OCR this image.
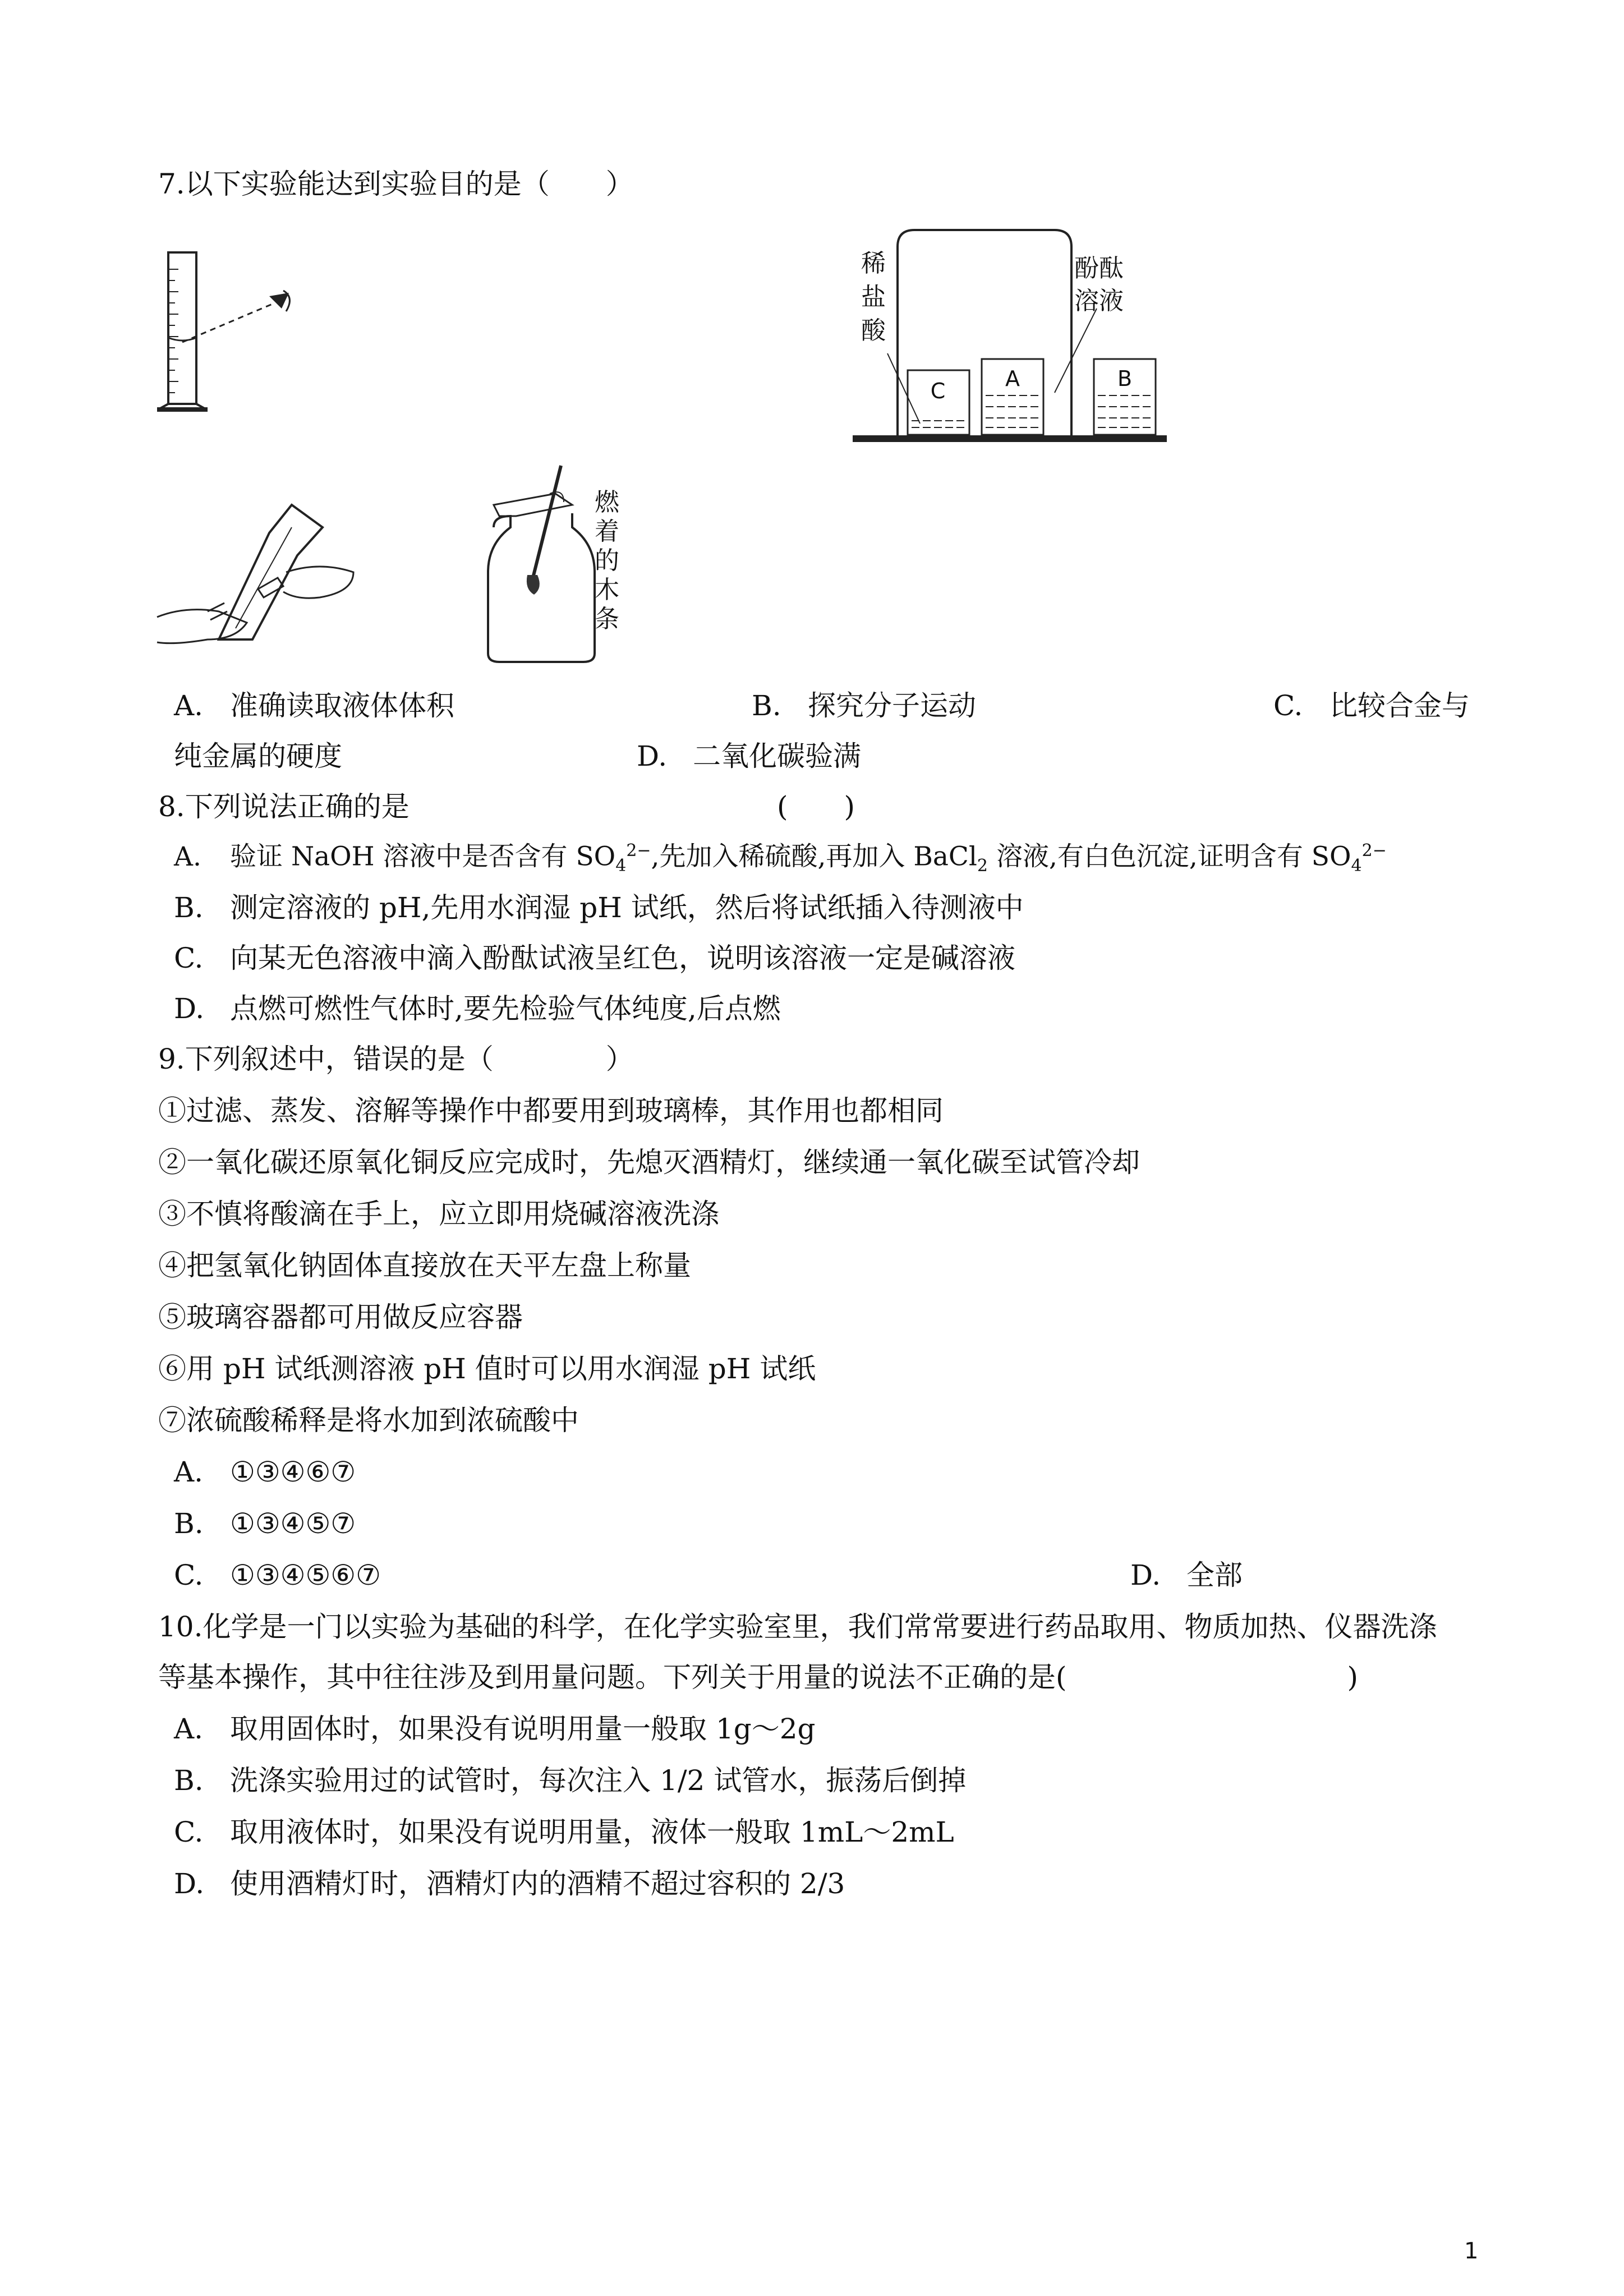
7.以下实验能达到实验目的是（　　）
C	A	B
稀盐酸
酚酞溶液
燃着的木条
A. 准确读取液体体积	B. 探究分子运动	C. 比较合金与
纯金属的硬度	D. 二氧化碳验满
8.下列说法正确的是	(　　)
A. 验证 NaOH 溶液中是否含有 $SO_4^{2-}$,先加入稀硫酸,再加入 BaCl$_2$ 溶液,有白色沉淀,证明含有 $SO_4^{2-}$
B. 测定溶液的 pH,先用水润湿 pH 试纸，然后将试纸插入待测液中
C. 向某无色溶液中滴入酚酞试液呈红色，说明该溶液一定是碱溶液
D. 点燃可燃性气体时,要先检验气体纯度,后点燃
9.下列叙述中，错误的是（　　　　）
①过滤、蒸发、溶解等操作中都要用到玻璃棒，其作用也都相同
②一氧化碳还原氧化铜反应完成时，先熄灭酒精灯，继续通一氧化碳至试管冷却
③不慎将酸滴在手上，应立即用烧碱溶液洗涤
④把氢氧化钠固体直接放在天平左盘上称量
⑤玻璃容器都可用做反应容器
⑥用 pH 试纸测溶液 pH 值时可以用水润湿 pH 试纸
⑦浓硫酸稀释是将水加到浓硫酸中
A. ①③④⑥⑦
B. ①③④⑤⑦
C. ①③④⑤⑥⑦	D. 全部
10.化学是一门以实验为基础的科学，在化学实验室里，我们常常要进行药品取用、物质加热、仪器洗涤
等基本操作，其中往往涉及到用量问题。下列关于用量的说法不正确的是(　　　　　　　　　　)
A. 取用固体时，如果没有说明用量一般取 1g～2g
B. 洗涤实验用过的试管时，每次注入 1/2 试管水，振荡后倒掉
C. 取用液体时，如果没有说明用量，液体一般取 1mL～2mL
D. 使用酒精灯时，酒精灯内的酒精不超过容积的 2/3
1
